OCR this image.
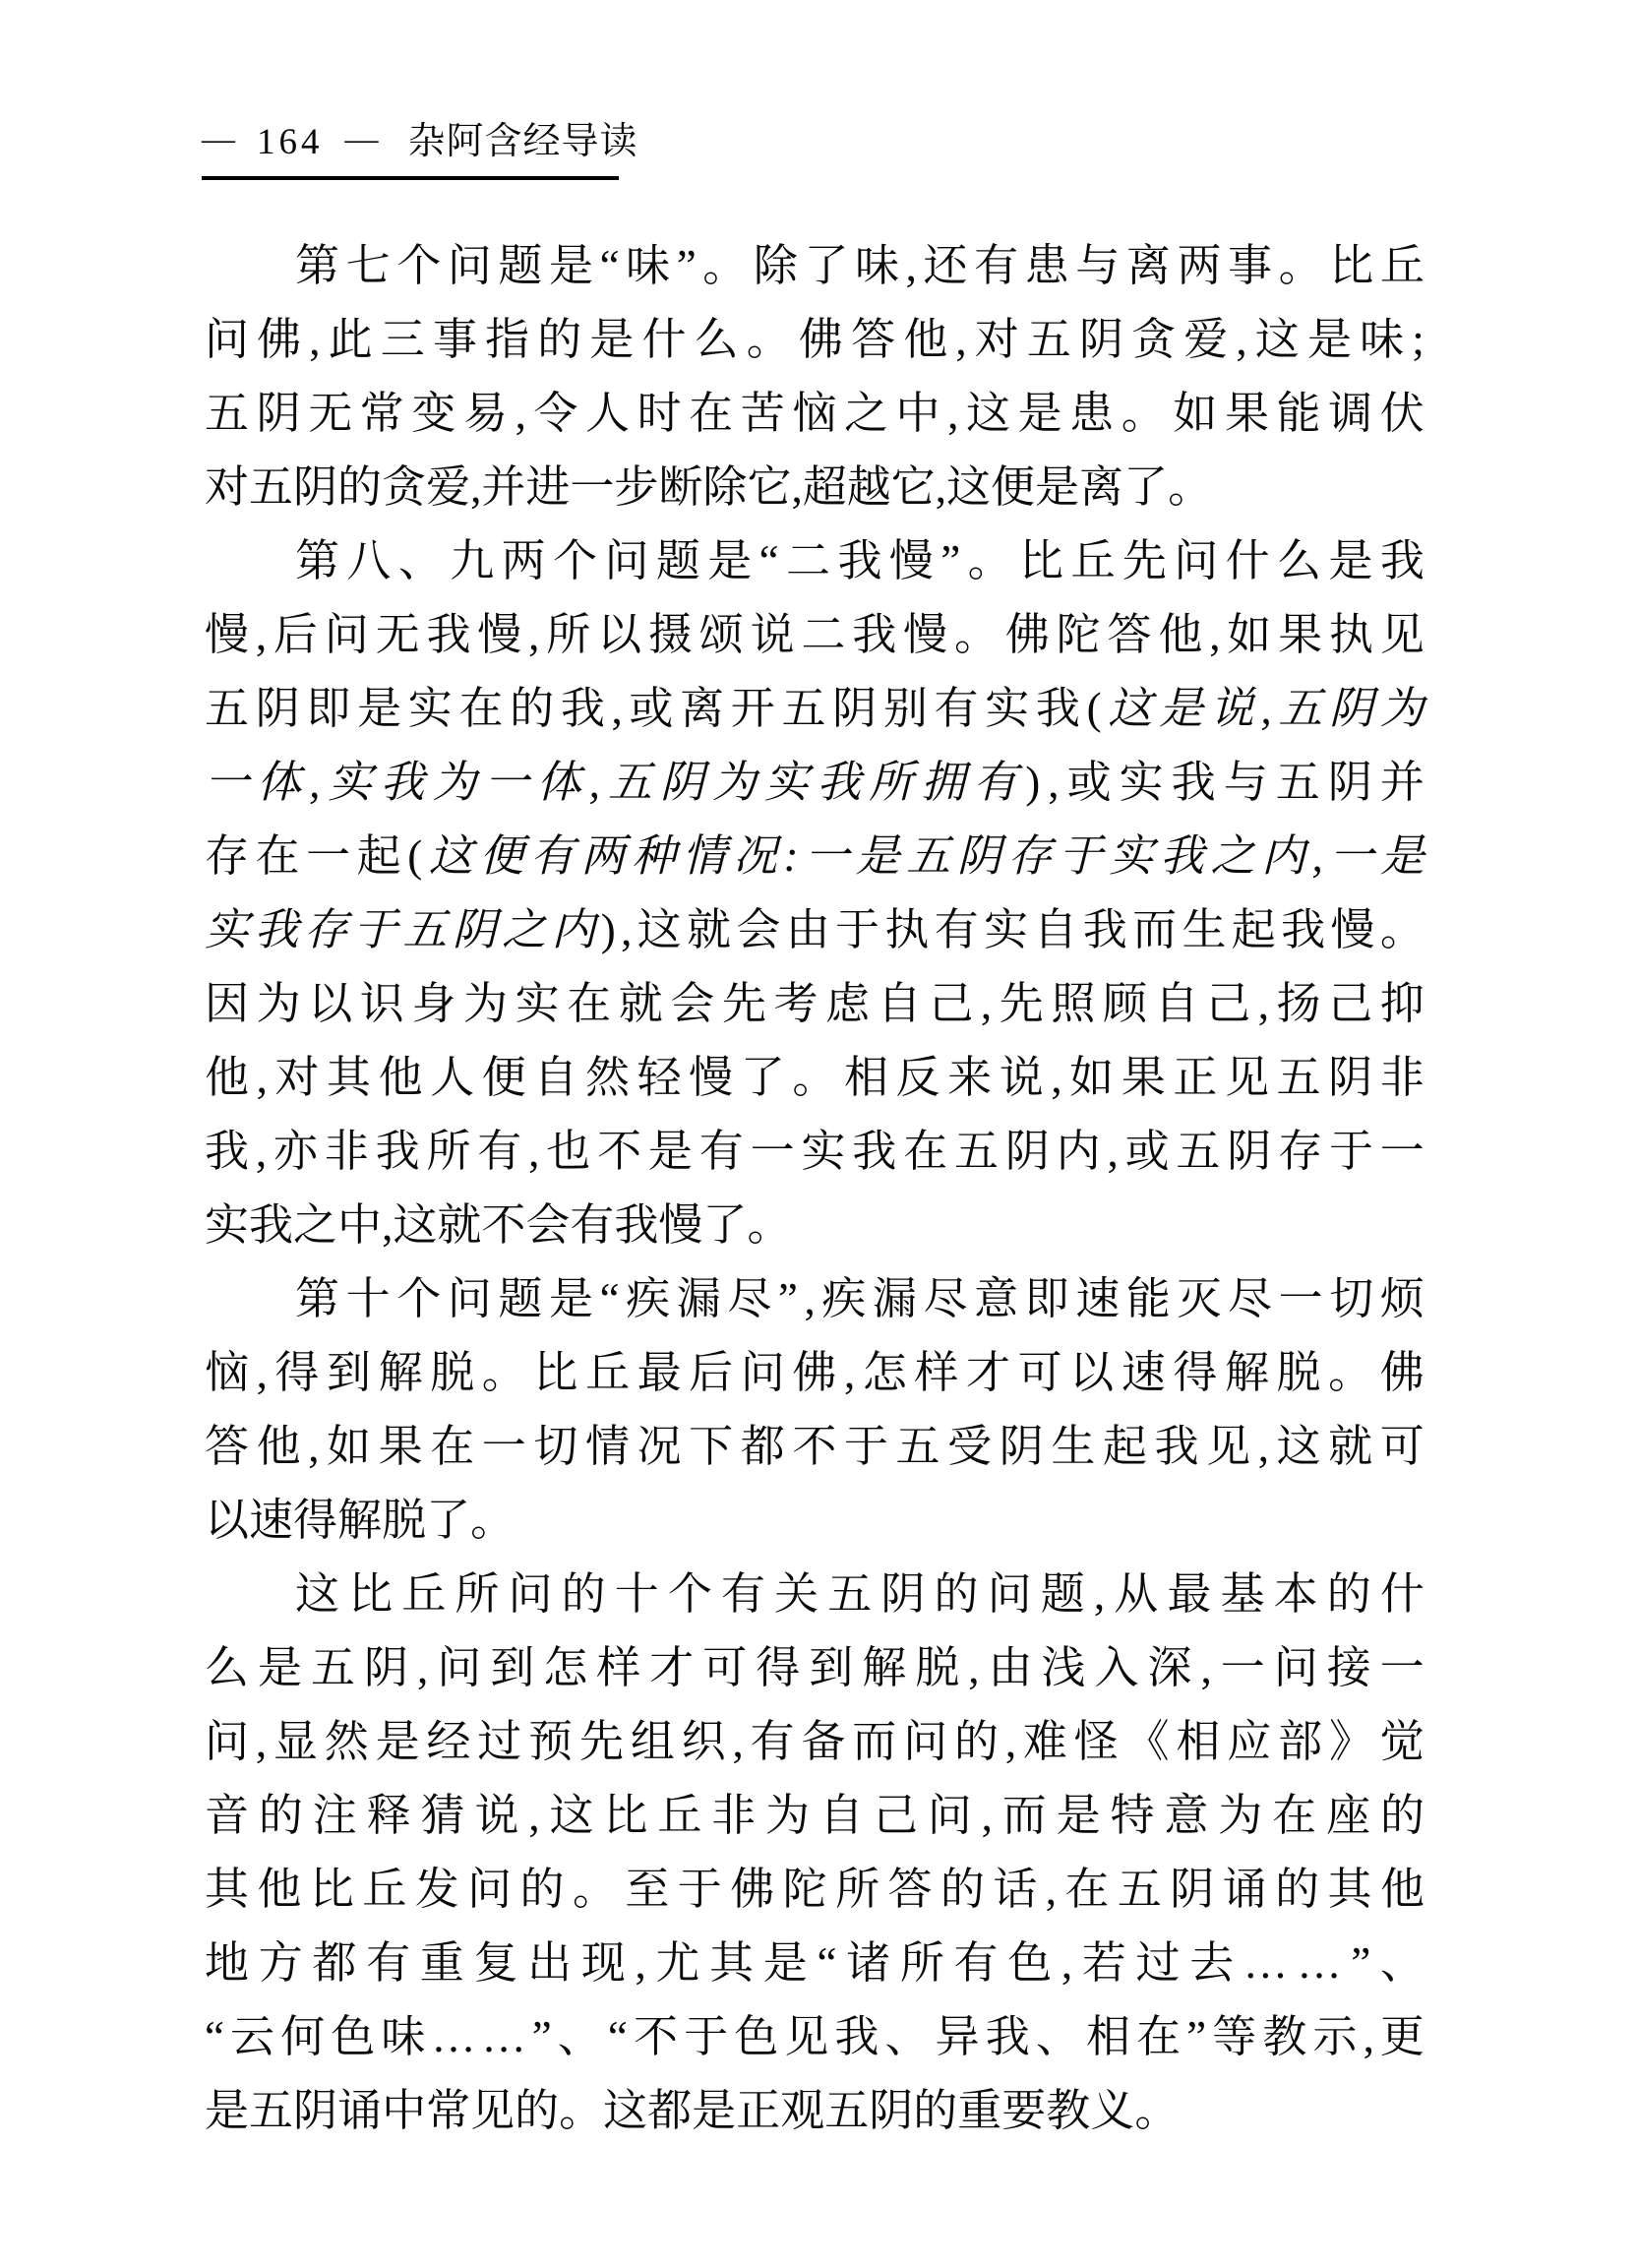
— 164 — 杂阿含经导读
第 七 个 问 题 是 “ 味 ” 。 除 了 味 , 还 有 患 与 离 两 事 。 比 丘
问 佛 , 此 三 事 指 的 是 什 么 。 佛 答 他 , 对 五 阴 贪 爱 , 这 是 味 ;
五 阴 无 常 变 易 , 令 人 时 在 苦 恼 之 中 , 这 是 患 。 如 果 能 调 伏
对 五 阴 的 贪 爱 , 并 进 一 步 断 除 它 , 超 越 它 , 这 便 是 离 了 。
第 八 、 九 两 个 问 题 是 “ 二 我 慢 ” 。 比 丘 先 问 什 么 是 我
慢 , 后 问 无 我 慢 , 所 以 摄 颂 说 二 我 慢 。 佛 陀 答 他 , 如 果 执 见
五 阴 即 是 实 在 的 我 , 或 离 开 五 阴 别 有 实 我 ( 这 是 说 , 五 阴 为
一 体 , 实 我 为 一 体 , 五 阴 为 实 我 所 拥 有 ) , 或 实 我 与 五 阴 并
存 在 一 起 ( 这 便 有 两 种 情 况 : 一 是 五 阴 存 于 实 我 之 内 , 一 是
实 我 存 于 五 阴 之 内 ) , 这 就 会 由 于 执 有 实 自 我 而 生 起 我 慢 。
因 为 以 识 身 为 实 在 就 会 先 考 虑 自 己 , 先 照 顾 自 己 , 扬 己 抑
他 , 对 其 他 人 便 自 然 轻 慢 了 。 相 反 来 说 , 如 果 正 见 五 阴 非
我 , 亦 非 我 所 有 , 也 不 是 有 一 实 我 在 五 阴 内 , 或 五 阴 存 于 一
实 我 之 中 , 这 就 不 会 有 我 慢 了 。
第 十 个 问 题 是 “ 疾 漏 尽 ” , 疾 漏 尽 意 即 速 能 灭 尽 一 切 烦
恼 , 得 到 解 脱 。 比 丘 最 后 问 佛 , 怎 样 才 可 以 速 得 解 脱 。 佛
答 他 , 如 果 在 一 切 情 况 下 都 不 于 五 受 阴 生 起 我 见 , 这 就 可
以 速 得 解 脱 了 。
这 比 丘 所 问 的 十 个 有 关 五 阴 的 问 题 , 从 最 基 本 的 什
么 是 五 阴 , 问 到 怎 样 才 可 得 到 解 脱 , 由 浅 入 深 , 一 问 接 一
问 , 显 然 是 经 过 预 先 组 织 , 有 备 而 问 的 , 难 怪 《 相 应 部 》 觉
音 的 注 释 猜 说 , 这 比 丘 非 为 自 己 问 , 而 是 特 意 为 在 座 的
其 他 比 丘 发 问 的 。 至 于 佛 陀 所 答 的 话 , 在 五 阴 诵 的 其 他
地 方 都 有 重 复 出 现 , 尤 其 是 “ 诸 所 有 色 , 若 过 去 … … ” 、
“ 云 何 色 味 … … ” 、 “ 不 于 色 见 我 、 异 我 、 相 在 ” 等 教 示 , 更
是 五 阴 诵 中 常 见 的 。 这 都 是 正 观 五 阴 的 重 要 教 义 。
